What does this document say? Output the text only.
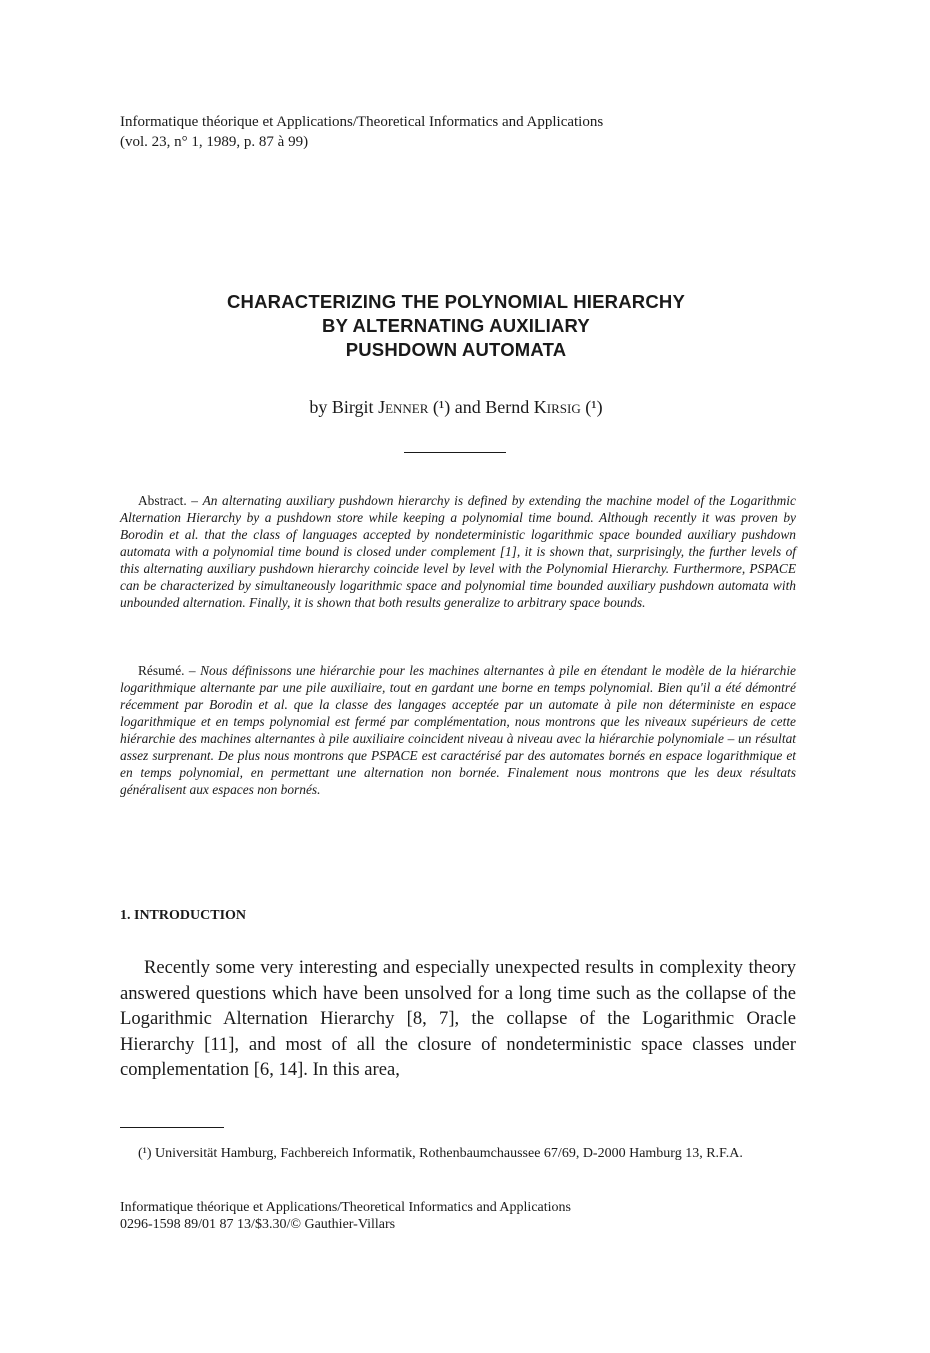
Informatique théorique et Applications/Theoretical Informatics and Applications
(vol. 23, n° 1, 1989, p. 87 à 99)
CHARACTERIZING THE POLYNOMIAL HIERARCHY
BY ALTERNATING AUXILIARY
PUSHDOWN AUTOMATA
by Birgit Jenner (¹) and Bernd Kirsig (¹)
Abstract. – An alternating auxiliary pushdown hierarchy is defined by extending the machine model of the Logarithmic Alternation Hierarchy by a pushdown store while keeping a polynomial time bound. Although recently it was proven by Borodin et al. that the class of languages accepted by nondeterministic logarithmic space bounded auxiliary pushdown automata with a polynomial time bound is closed under complement [1], it is shown that, surprisingly, the further levels of this alternating auxiliary pushdown hierarchy coincide level by level with the Polynomial Hierarchy. Furthermore, PSPACE can be characterized by simultaneously logarithmic space and polynomial time bounded auxiliary pushdown automata with unbounded alternation. Finally, it is shown that both results generalize to arbitrary space bounds.
Résumé. – Nous définissons une hiérarchie pour les machines alternantes à pile en étendant le modèle de la hiérarchie logarithmique alternante par une pile auxiliaire, tout en gardant une borne en temps polynomial. Bien qu'il a été démontré récemment par Borodin et al. que la classe des langages acceptée par un automate à pile non déterministe en espace logarithmique et en temps polynomial est fermé par complémentation, nous montrons que les niveaux supérieurs de cette hiérarchie des machines alternantes à pile auxiliaire coincident niveau à niveau avec la hiérarchie polynomiale – un résultat assez surprenant. De plus nous montrons que PSPACE est caractérisé par des automates bornés en espace logarithmique et en temps polynomial, en permettant une alternation non bornée. Finalement nous montrons que les deux résultats généralisent aux espaces non bornés.
1. INTRODUCTION
Recently some very interesting and especially unexpected results in complexity theory answered questions which have been unsolved for a long time such as the collapse of the Logarithmic Alternation Hierarchy [8, 7], the collapse of the Logarithmic Oracle Hierarchy [11], and most of all the closure of nondeterministic space classes under complementation [6, 14]. In this area,
(¹) Universität Hamburg, Fachbereich Informatik, Rothenbaumchaussee 67/69, D-2000 Hamburg 13, R.F.A.
Informatique théorique et Applications/Theoretical Informatics and Applications
0296-1598 89/01 87 13/$3.30/© Gauthier-Villars
